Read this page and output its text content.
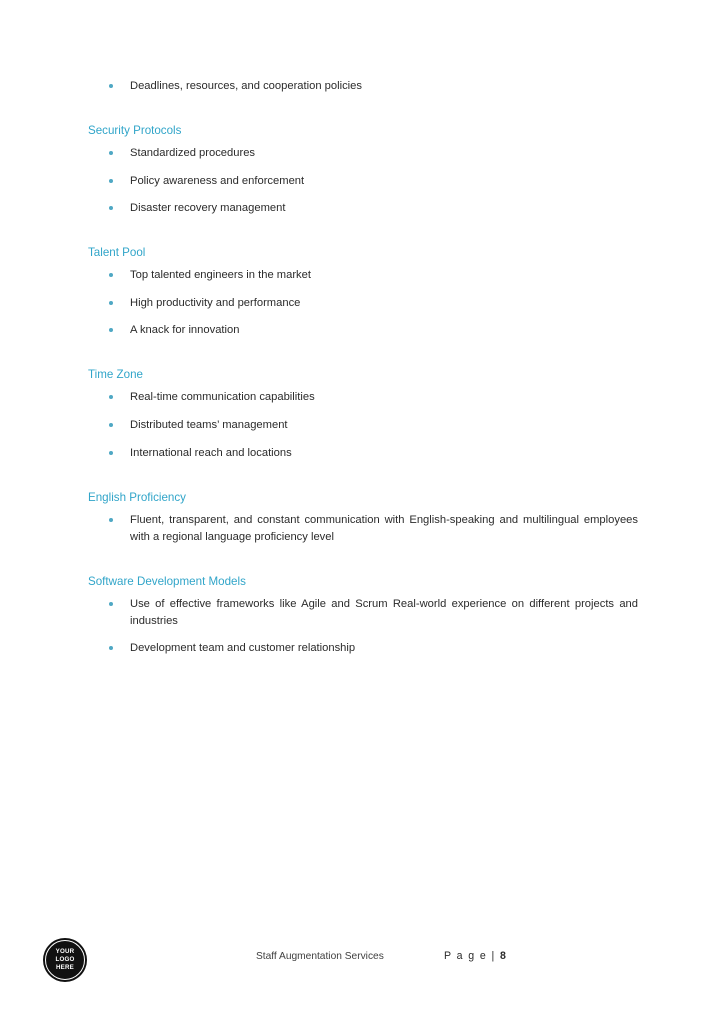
Deadlines, resources, and cooperation policies
Security Protocols
Standardized procedures
Policy awareness and enforcement
Disaster recovery management
Talent Pool
Top talented engineers in the market
High productivity and performance
A knack for innovation
Time Zone
Real-time communication capabilities
Distributed teams’ management
International reach and locations
English Proficiency
Fluent, transparent, and constant communication with English-speaking and multilingual employees with a regional language proficiency level
Software Development Models
Use of effective frameworks like Agile and Scrum Real-world experience on different projects and industries
Development team and customer relationship
YOUR
LOGO
HERE
Staff Augmentation Services	P a g e | 8
